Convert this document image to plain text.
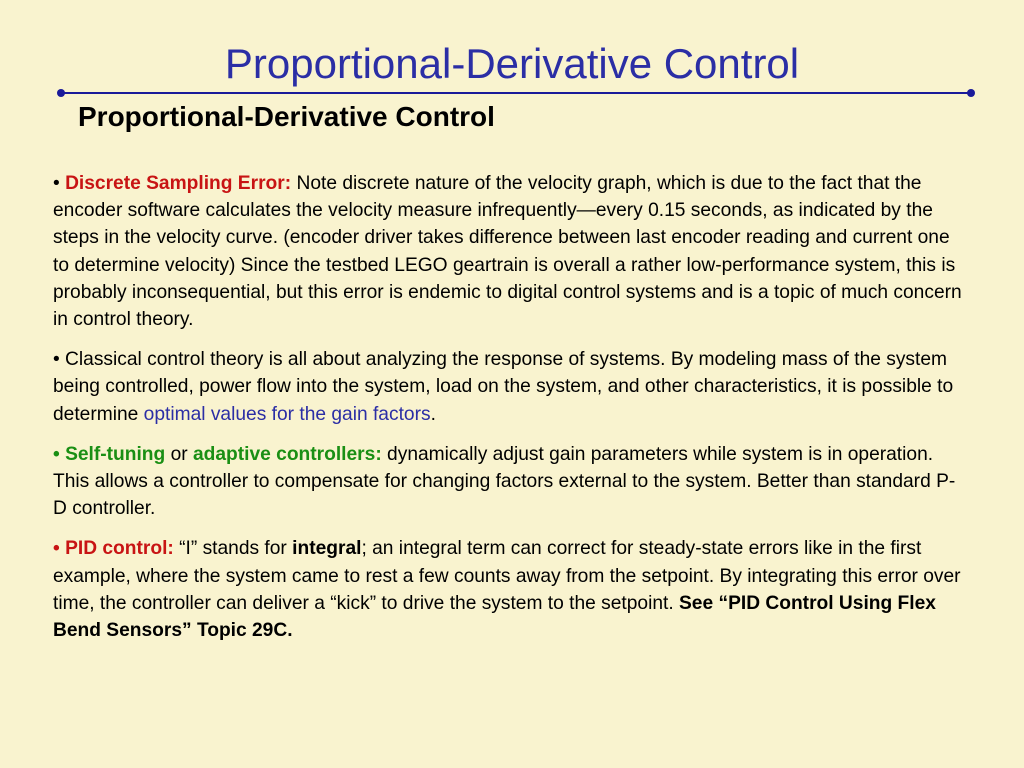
Proportional-Derivative Control
Proportional-Derivative Control

• Discrete Sampling Error: Note discrete nature of the velocity graph, which is due to the fact that the encoder software calculates the velocity measure infrequently—every 0.15 seconds, as indicated by the steps in the velocity curve. (encoder driver takes difference between last encoder reading and current one to determine velocity) Since the testbed LEGO geartrain is overall a rather low-performance system, this is probably inconsequential, but this error is endemic to digital control systems and is a topic of much concern in control theory.

• Classical control theory is all about analyzing the response of systems. By modeling mass of the system being controlled, power flow into the system, load on the system, and other characteristics, it is possible to determine optimal values for the gain factors.

• Self-tuning or adaptive controllers: dynamically adjust gain parameters while system is in operation. This allows a controller to compensate for changing factors external to the system. Better than standard P-D controller.

• PID control: “I” stands for integral; an integral term can correct for steady-state errors like in the first example, where the system came to rest a few counts away from the setpoint. By integrating this error over time, the controller can deliver a “kick” to drive the system to the setpoint. See “PID Control Using Flex Bend Sensors” Topic 29C.
